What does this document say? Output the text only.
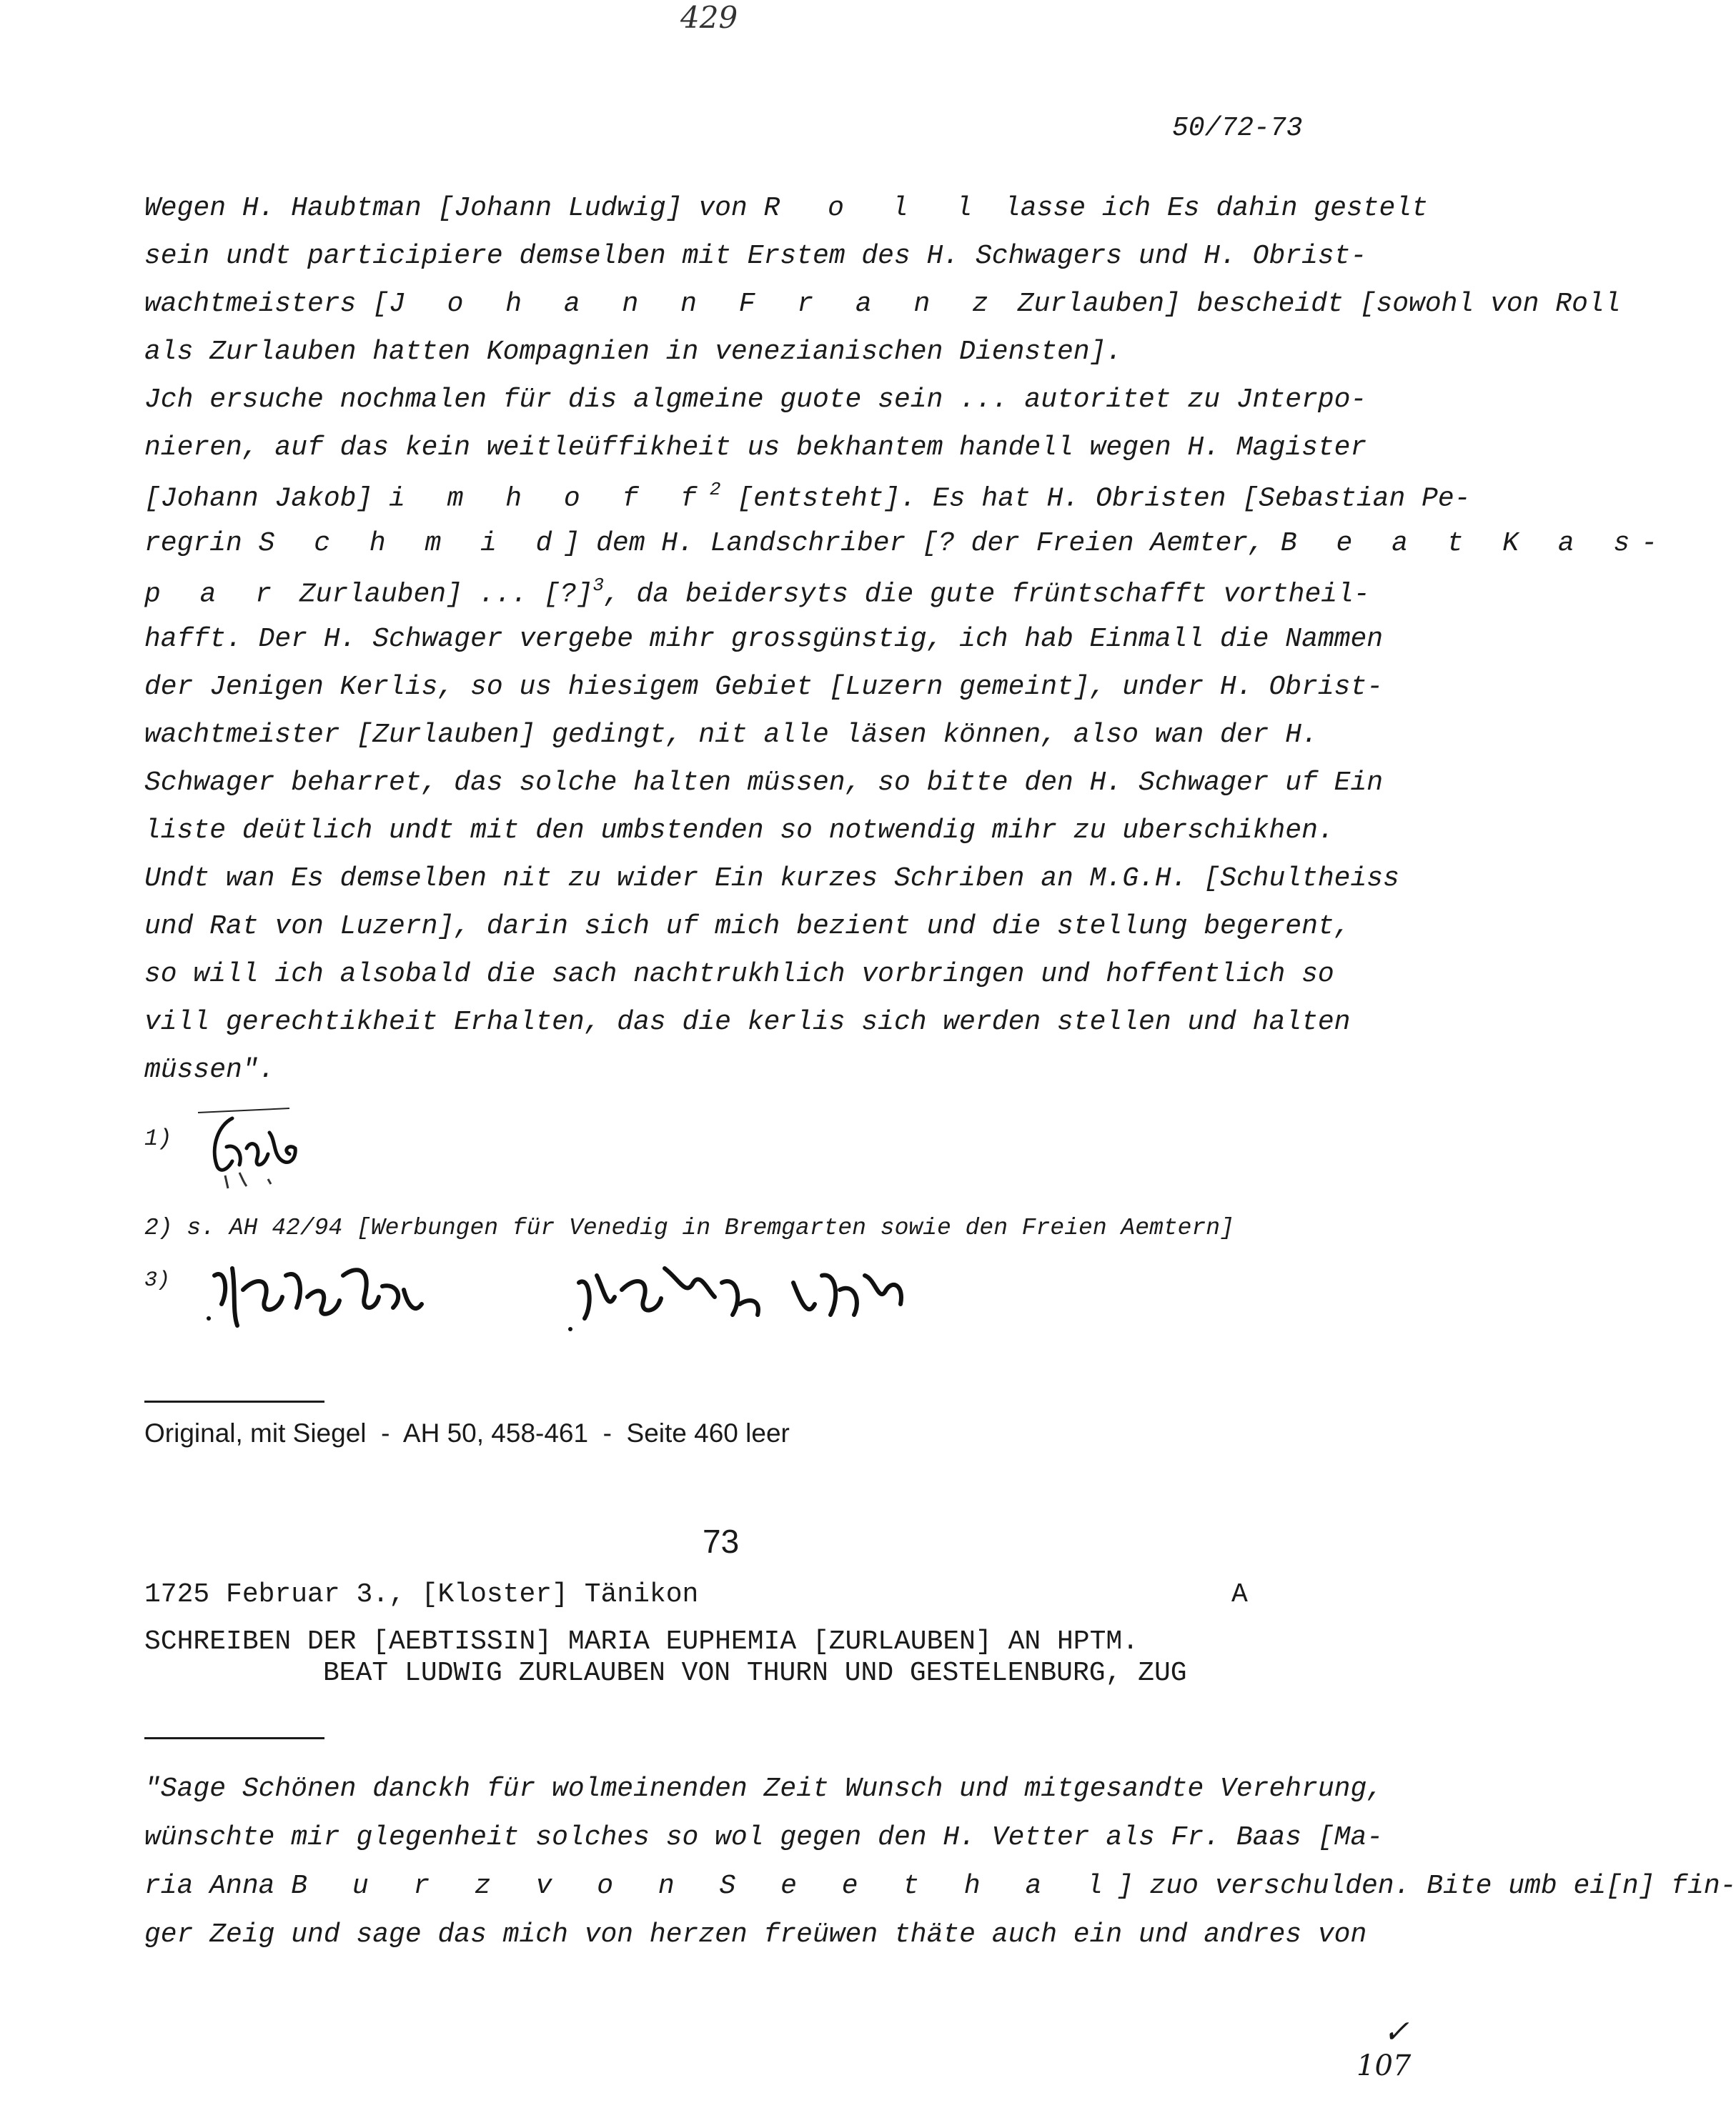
429
50/72-73
Wegen H. Haubtman [Johann Ludwig] von R o l l lasse ich Es dahin gestelt
sein undt participiere demselben mit Erstem des H. Schwagers und H. Obrist-
wachtmeisters [J o h a n n F r a n z Zurlauben] bescheidt [sowohl von Roll
als Zurlauben hatten Kompagnien in venezianischen Diensten].
Jch ersuche nochmalen für dis algmeine guote sein ... autoritet zu Jnterpo-
nieren, auf das kein weitleüffikheit us bekhantem handell wegen H. Magister
[Johann Jakob] i m h o f $f^2$ [entsteht]. Es hat H. Obristen [Sebastian Pe-
regrin S c h m i d] dem H. Landschriber [? der Freien Aemter, B e a t K a s-
p a r Zurlauben] ... [?]$^3$, da beidersyts die gute früntschafft vortheil-
hafft. Der H. Schwager vergebe mihr grossgünstig, ich hab Einmall die Nammen
der Jenigen Kerlis, so us hiesigem Gebiet [Luzern gemeint], under H. Obrist-
wachtmeister [Zurlauben] gedingt, nit alle läsen können, also wan der H.
Schwager beharret, das solche halten müssen, so bitte den H. Schwager uf Ein
liste deütlich undt mit den umbstenden so notwendig mihr zu uberschikhen.
Undt wan Es demselben nit zu wider Ein kurzes Schriben an M.G.H. [Schultheiss
und Rat von Luzern], darin sich uf mich bezient und die stellung begerent,
so will ich alsobald die sach nachtrukhlich vorbringen und hoffentlich so
vill gerechtikheit Erhalten, das die kerlis sich werden stellen und halten
müssen".
1)
2) s. AH 42/94 [Werbungen für Venedig in Bremgarten sowie den Freien Aemtern]
3)
Original, mit Siegel  -  AH 50, 458-461  -  Seite 460 leer
73
1725 Februar 3., [Kloster] Tänikon	A
SCHREIBEN DER [AEBTISSIN] MARIA EUPHEMIA [ZURLAUBEN] AN HPTM.
BEAT LUDWIG ZURLAUBEN VON THURN UND GESTELENBURG, ZUG
"Sage Schönen danckh für wolmeinenden Zeit Wunsch und mitgesandte Verehrung,
wünschte mir glegenheit solches so wol gegen den H. Vetter als Fr. Baas [Ma-
ria Anna B u r z v o n S e e t h a l] zuo verschulden. Bite umb ei[n] fin-
ger Zeig und sage das mich von herzen freüwen thäte auch ein und andres von
✓
107
